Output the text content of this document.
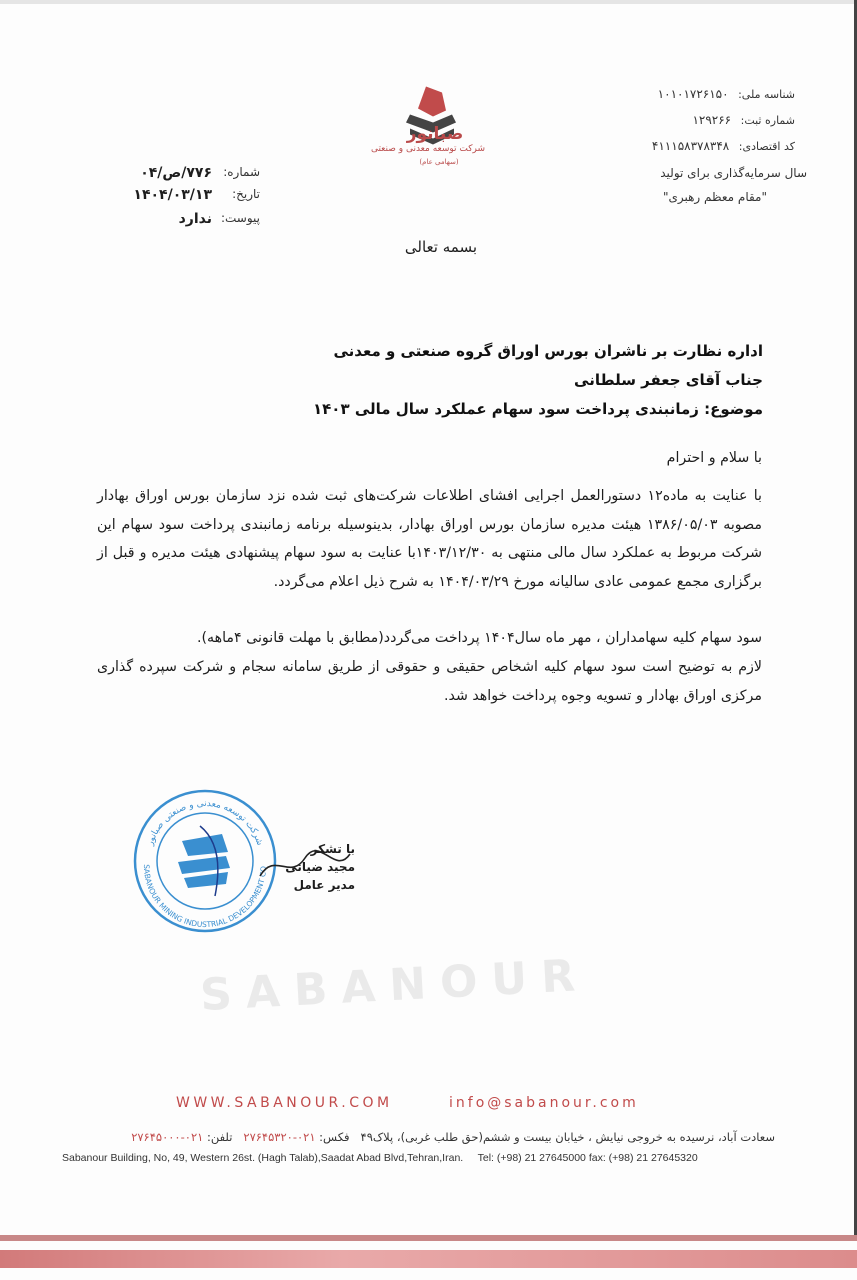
صبانور
شرکت توسعه معدنی و صنعتی
(سهامی عام)
شناسه ملی: ۱۰۱۰۱۷۲۶۱۵۰
شماره ثبت: ۱۲۹۲۶۶
کد اقتصادی: ۴۱۱۱۵۸۳۷۸۳۴۸
سال سرمایه‌گذاری برای تولید
"مقام معظم رهبری"
شماره:
۷۷۶/ص/۰۴
تاریخ:
۱۴۰۴/۰۳/۱۳
پیوست:
ندارد
بسمه تعالی
اداره نظارت بر ناشران بورس اوراق گروه صنعتی و معدنی
جناب آقای جعفر سلطانی
موضوع: زمانبندی پرداخت سود سهام عملکرد سال مالی ۱۴۰۳
با سلام و احترام

با عنایت به ماده۱۲ دستورالعمل اجرایی افشای اطلاعات شرکت‌های ثبت شده نزد سازمان بورس اوراق بهادار مصوبه ۱۳۸۶/۰۵/۰۳ هیئت مدیره سازمان بورس اوراق بهادار، بدینوسیله برنامه زمانبندی پرداخت سود سهام این شرکت مربوط به عملکرد سال مالی منتهی به ۱۴۰۳/۱۲/۳۰با عنایت به سود سهام پیشنهادی هیئت مدیره و قبل از برگزاری مجمع عمومی عادی سالیانه مورخ ۱۴۰۴/۰۳/۲۹ به شرح ذیل اعلام می‌گردد.

سود سهام کلیه سهامداران ، مهر ماه سال۱۴۰۴ پرداخت می‌گردد(مطابق با مهلت قانونی ۴ماهه).

لازم به توضیح است سود سهام کلیه اشخاص حقیقی و حقوقی از طریق سامانه سجام و شرکت سپرده گذاری مرکزی اوراق بهادار و تسویه وجوه پرداخت خواهد شد.

SABANOUR
شرکت توسعه معدنی و صنعتی صبانور
SABANOUR MINING INDUSTRIAL DEVELOPMENT CO
با تشکر
مجید ضیائی
مدیر عامل
WWW.SABANOUR.COM	info@sabanour.com
سعادت آباد، نرسیده به خروجی نیایش ، خیابان بیست و ششم(حق طلب غربی)، پلاک۴۹   فکس: ۰۲۱-۲۷۶۴۵۳۲۰   تلفن: ۰۲۱-۲۷۶۴۵۰۰۰
Sabanour Building, No, 49, Western 26st. (Hagh Talab),Saadat Abad Blvd,Tehran,Iran. Tel: (+98) 21 27645000 fax: (+98) 21 27645320
